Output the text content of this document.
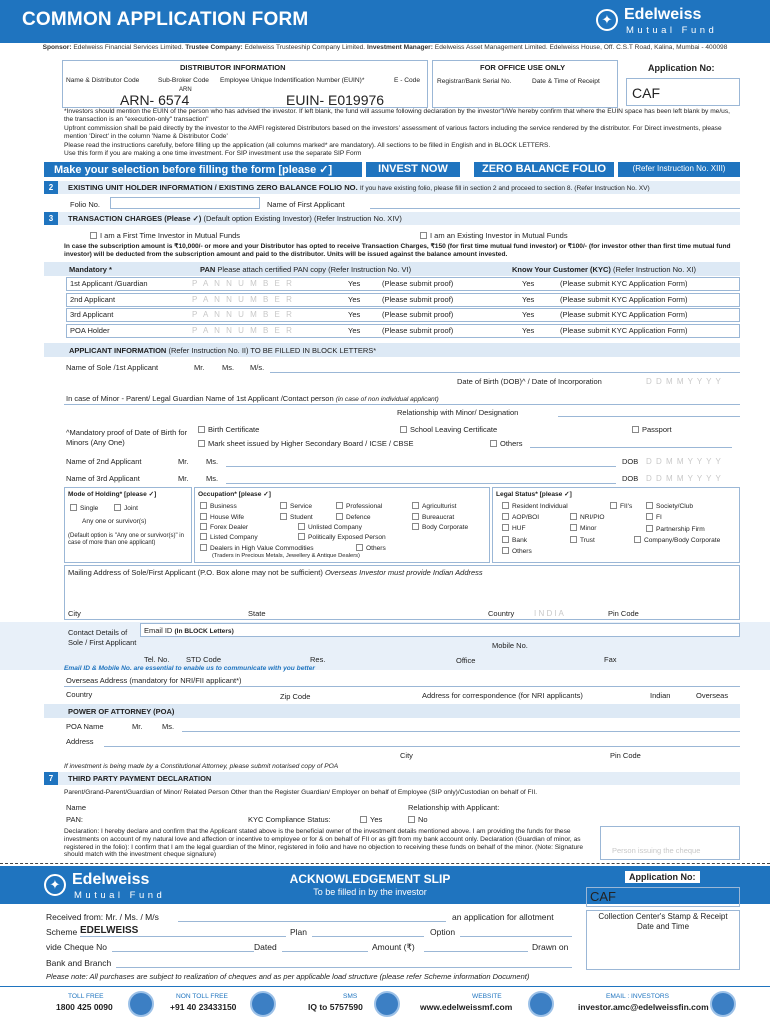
COMMON APPLICATION FORM	✦ Edelweiss
Mutual Fund
Sponsor: Edelweiss Financial Services Limited. Trustee Company: Edelweiss Trusteeship Company Limited. Investment Manager: Edelweiss Asset Management Limited. Edelweiss House, Off. C.S.T Road, Kalina, Mumbai - 400098
DISTRIBUTOR INFORMATION
Name & Distributor Code	Sub-Broker Code Employee Unique Indentification Number (EUIN)*	E - Code
ARN
ARN- 6574	EUIN- E019976
FOR OFFICE USE ONLY
Registrar/Bank Serial No.	Date & Time of Receipt
Application No:
CAF
*Investors should mention the EUIN of the person who has advised the investor. If left blank, the fund will assume following declaration by the investor"I/We hereby confirm that where the EUIN space has been left blank by me/us, the transaction is an "execution-only" transaction"
Upfront commission shall be paid directly by the investor to the AMFI registered Distributors based on the investors' assessment of various factors including the service rendered by the distributor. For Direct investments, please mention 'Direct' in the column 'Name & Distributor Code'
Please read the instructions carefully, before filling up the application (all columns marked* are mandatory). All sections to be filled in English and in BLOCK LETTERS.
Use this form if you are making a one time investment. For SIP investment use the separate SIP Form
Make your selection before filling the form [please ✓]	INVEST NOW	ZERO BALANCE FOLIO	(Refer Instruction No. XIII)
2	EXISTING UNIT HOLDER INFORMATION / EXISTING ZERO BALANCE FOLIO NO. If you have existing folio, please fill in section 2 and proceed to section 8. (Refer Instruction No. XV)
Folio No.	Name of First Applicant
3	TRANSACTION CHARGES (Please ✓) (Default option Existing Investor) (Refer Instruction No. XIV)
I am a First Time Investor in Mutual Funds	I am an Existing Investor in Mutual Funds
In case the subscription amount is ₹10,000/- or more and your Distributor has opted to receive Transaction Charges, ₹150 (for first time mutual fund investor) or ₹100/- (for investor other than first time mutual fund investor) will be deducted from the subscription amount and paid to the distributor. Units will be issued against the balance amount invested.
Mandatory *	PAN Please attach certified PAN copy (Refer Instruction No. VI)	Know Your Customer (KYC) (Refer Instruction No. XI)
1st Applicant /Guardian	P A N N U M B E R	Yes	(Please submit proof)	Yes	(Please submit KYC Application Form)
2nd Applicant	P A N N U M B E R	Yes	(Please submit proof)	Yes	(Please submit KYC Application Form)
3rd Applicant	P A N N U M B E R	Yes	(Please submit proof)	Yes	(Please submit KYC Application Form)
POA Holder	P A N N U M B E R	Yes	(Please submit proof)	Yes	(Please submit KYC Application Form)
APPLICANT INFORMATION (Refer Instruction No. II) TO BE FILLED IN BLOCK LETTERS*
Name of Sole /1st Applicant	Mr. Ms. M/s.
Date of Birth (DOB)^ / Date of Incorporation	D D M M Y Y Y Y
In case of Minor - Parent/ Legal Guardian Name of 1st Applicant /Contact person (in case of non individual applicant)
Relationship with Minor/ Designation
^Mandatory proof of Date of Birth for Minors (Any One)
Birth Certificate	School Leaving Certificate	Passport
Mark sheet issued by Higher Secondary Board / ICSE / CBSE	Others
Name of 2nd Applicant	Mr. Ms.	DOB D D M M Y Y Y Y
Name of 3rd Applicant	Mr. Ms.	DOB D D M M Y Y Y Y
Mode of Holding* [please ✓]
Single	Joint
Any one or survivor(s)
(Default option is "Any one or survivor(s)" in case of more than one applicant)
Occupation* [please ✓]
Business	Service	Professional	Agriculturist
House Wife	Student	Defence	Bureaucrat
Forex Dealer	Unlisted Company	Body Corporate
Listed Company	Politically Exposed Person
Dealers in High Value Commodities	Others
(Traders in Precious Metals, Jewellery & Antique Dealers)
Legal Status* [please ✓]
Resident Individual	FII's	Society/Club
AOP/BOI	NRI/PIO	FI
HUF	Minor	Partnership Firm
Bank	Trust	Company/Body Corporate
Others
Mailing Address of Sole/First Applicant (P.O. Box alone may not be sufficient) Overseas Investor must provide Indian Address
City	State	Country I N D I A	Pin Code
Contact Details of Sole / First Applicant
Email ID (In BLOCK Letters)
Mobile No.
Tel. No. STD Code	Res.	Office	Fax
Email ID & Mobile No. are essential to enable us to communicate with you better
Overseas Address (mandatory for NRI/FII applicant*)
Country	Zip Code	Address for correspondence (for NRI applicants)	Indian	Overseas
POWER OF ATTORNEY (POA)
POA Name	Mr.	Ms.
Address
City	Pin Code
If investment is being made by a Constitutional Attorney, please submit notarised copy of POA
7	THIRD PARTY PAYMENT DECLARATION
Parent/Grand-Parent/Guardian of Minor/ Related Person Other than the Register Guardian/ Employer on behalf of Employee (SIP only)/Custodian on behalf of FII.
Name	Relationship with Applicant:
PAN:	KYC Compliance Status:	Yes	No
Declaration: I hereby declare and confirm that the Applicant stated above is the beneficial owner of the investment details mentioned above. I am providing the funds for these investments on account of my natural love and affection or incentive to employee or for & on behalf of FII or as gift from my bank account only. Declaration (Guardian of minor, as registered in the folio): I confirm that I am the legal guardian of the Minor, registered in folio and have no objection to receiving these funds on behalf of the minor. (Note: Signature should match with the investment cheque signature)	Person issuing the cheque
✦ Edelweiss
Mutual Fund
ACKNOWLEDGEMENT SLIP
To be filled in by the investor
Application No:
CAF
Received from: Mr. / Ms. / M/s	an application for allotment
Scheme EDELWEISS	Plan	Option
vide Cheque No	Dated	Amount (₹)	Drawn on
Bank and Branch
Collection Center's Stamp & Receipt Date and Time
Please note: All purchases are subject to realization of cheques and as per applicable load structure (please refer Scheme information Document)
TOLL FREE
1800 425 0090
NON TOLL FREE
+91 40 23433150
SMS
IQ to 5757590
WEBSITE
www.edelweissmf.com
EMAIL : INVESTORS
investor.amc@edelweissfin.com
